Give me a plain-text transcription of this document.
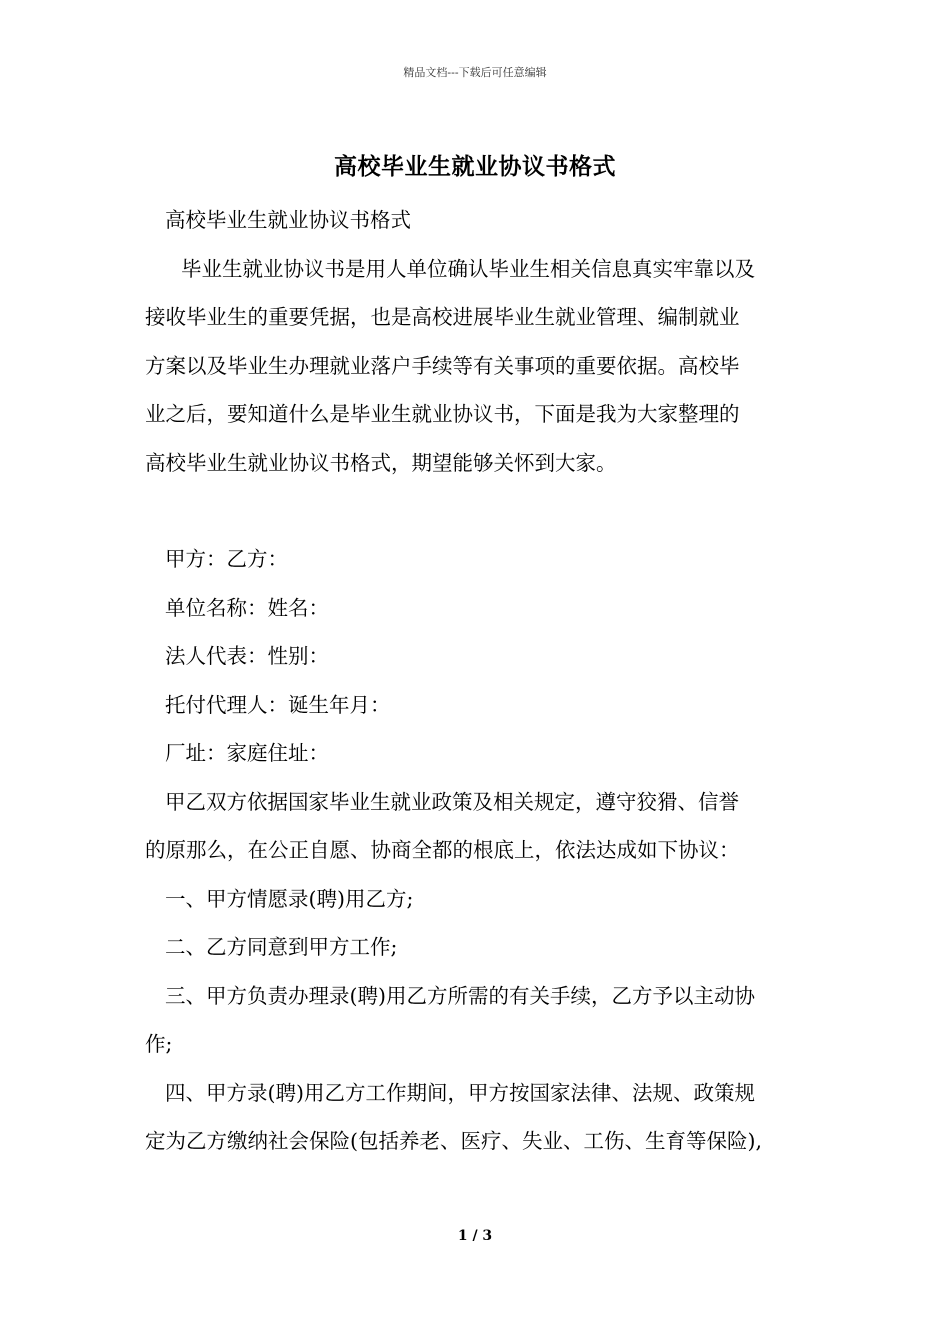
精品文档---下载后可任意编辑
高校毕业生就业协议书格式
高校毕业生就业协议书格式
毕业生就业协议书是用人单位确认毕业生相关信息真实牢靠以及
接收毕业生的重要凭据，也是高校进展毕业生就业管理、编制就业
方案以及毕业生办理就业落户手续等有关事项的重要依据。高校毕
业之后，要知道什么是毕业生就业协议书，下面是我为大家整理的
高校毕业生就业协议书格式，期望能够关怀到大家。
甲方：乙方：
单位名称：姓名：
法人代表：性别：
托付代理人：诞生年月：
厂址：家庭住址：
甲乙双方依据国家毕业生就业政策及相关规定，遵守狡猾、信誉
的原那么，在公正自愿、协商全都的根底上，依法达成如下协议：
一、甲方情愿录(聘)用乙方;
二、乙方同意到甲方工作;
三、甲方负责办理录(聘)用乙方所需的有关手续，乙方予以主动协
作;
四、甲方录(聘)用乙方工作期间，甲方按国家法律、法规、政策规
定为乙方缴纳社会保险(包括养老、医疗、失业、工伤、生育等保险),
1 / 3
